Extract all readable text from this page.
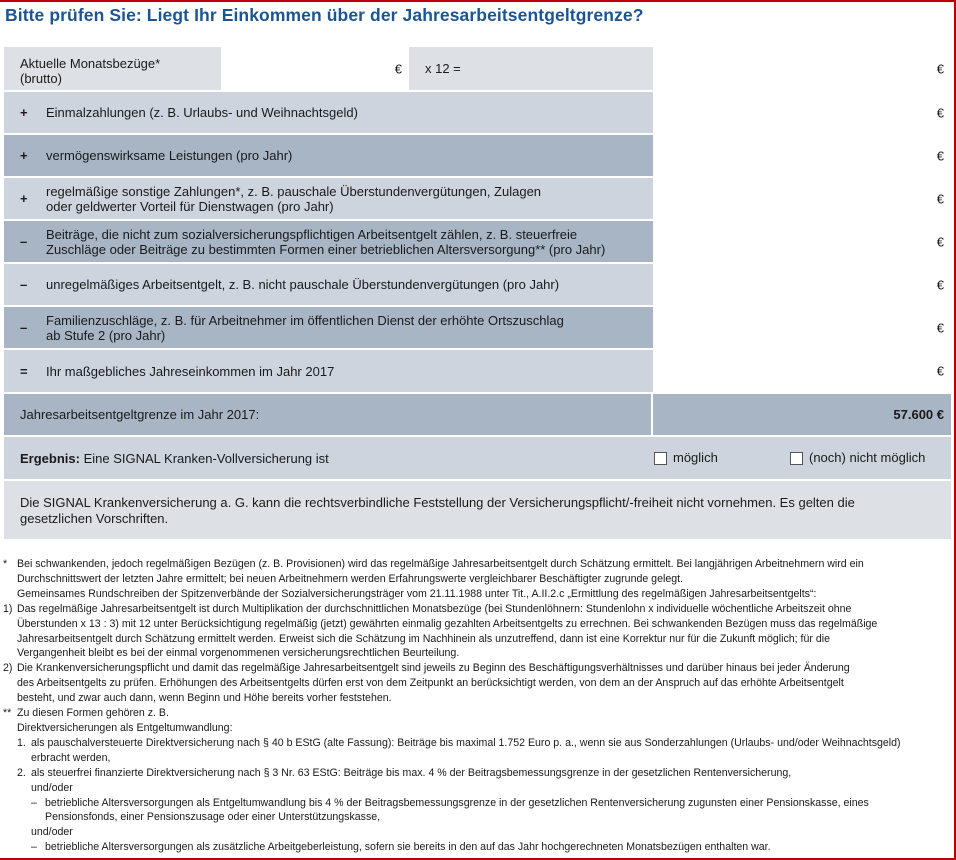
Bitte prüfen Sie: Liegt Ihr Einkommen über der Jahresarbeitsentgeltgrenze?
Aktuelle Monatsbezüge*
(brutto)
€ x 12 =	€
+	Einmalzahlungen (z. B. Urlaubs- und Weihnachtsgeld)	€
+	vermögenswirksame Leistungen (pro Jahr)	€
+	regelmäßige sonstige Zahlungen*, z. B. pauschale Überstundenvergütungen, Zulagen
oder geldwerter Vorteil für Dienstwagen (pro Jahr)	€
–	Beiträge, die nicht zum sozialversicherungspflichtigen Arbeitsentgelt zählen, z. B. steuerfreie
Zuschläge oder Beiträge zu bestimmten Formen einer betrieblichen Altersversorgung** (pro Jahr)	€
–	unregelmäßiges Arbeitsentgelt, z. B. nicht pauschale Überstundenvergütungen (pro Jahr)	€
–	Familienzuschläge, z. B. für Arbeitnehmer im öffentlichen Dienst der erhöhte Ortszuschlag
ab Stufe 2 (pro Jahr)	€
=	Ihr maßgebliches Jahreseinkommen im Jahr 2017	€
Jahresarbeitsentgeltgrenze im Jahr 2017:	57.600 €
Ergebnis: Eine SIGNAL Kranken-Vollversicherung ist	möglich	(noch) nicht möglich
Die SIGNAL Krankenversicherung a. G. kann die rechtsverbindliche Feststellung der Versicherungspflicht/-freiheit nicht vornehmen. Es gelten die
gesetzlichen Vorschriften.
* Bei schwankenden, jedoch regelmäßigen Bezügen (z. B. Provisionen) wird das regelmäßige Jahresarbeitsentgelt durch Schätzung ermittelt. Bei langjährigen Arbeitnehmern wird ein
Durchschnittswert der letzten Jahre ermittelt; bei neuen Arbeitnehmern werden Erfahrungswerte vergleichbarer Beschäftigter zugrunde gelegt.
Gemeinsames Rundschreiben der Spitzenverbände der Sozialversicherungsträger vom 21.11.1988 unter Tit., A.II.2.c „Ermittlung des regelmäßigen Jahresarbeitsentgelts“:
1) Das regelmäßige Jahresarbeitsentgelt ist durch Multiplikation der durchschnittlichen Monatsbezüge (bei Stundenlöhnern: Stundenlohn x individuelle wöchentliche Arbeitszeit ohne
Überstunden x 13 : 3) mit 12 unter Berücksichtigung regelmäßig (jetzt) gewährten einmalig gezahlten Arbeitsentgelts zu errechnen. Bei schwankenden Bezügen muss das regelmäßige
Jahresarbeitsentgelt durch Schätzung ermittelt werden. Erweist sich die Schätzung im Nachhinein als unzutreffend, dann ist eine Korrektur nur für die Zukunft möglich; für die
Vergangenheit bleibt es bei der einmal vorgenommenen versicherungsrechtlichen Beurteilung.
2) Die Krankenversicherungspflicht und damit das regelmäßige Jahresarbeitsentgelt sind jeweils zu Beginn des Beschäftigungsverhältnisses und darüber hinaus bei jeder Änderung
des Arbeitsentgelts zu prüfen. Erhöhungen des Arbeitsentgelts dürfen erst von dem Zeitpunkt an berücksichtigt werden, von dem an der Anspruch auf das erhöhte Arbeitsentgelt
besteht, und zwar auch dann, wenn Beginn und Höhe bereits vorher feststehen.
** Zu diesen Formen gehören z. B.
Direktversicherungen als Entgeltumwandlung:
1. als pauschalversteuerte Direktversicherung nach § 40 b EStG (alte Fassung): Beiträge bis maximal 1.752 Euro p. a., wenn sie aus Sonderzahlungen (Urlaubs- und/oder Weihnachtsgeld)
erbracht werden,
2. als steuerfrei finanzierte Direktversicherung nach § 3 Nr. 63 EStG: Beiträge bis max. 4 % der Beitragsbemessungsgrenze in der gesetzlichen Rentenversicherung,
und/oder
– betriebliche Altersversorgungen als Entgeltumwandlung bis 4 % der Beitragsbemessungsgrenze in der gesetzlichen Rentenversicherung zugunsten einer Pensionskasse, eines
Pensionsfonds, einer Pensionszusage oder einer Unterstützungskasse,
und/oder
– betriebliche Altersversorgungen als zusätzliche Arbeitgeberleistung, sofern sie bereits in den auf das Jahr hochgerechneten Monatsbezügen enthalten war.
